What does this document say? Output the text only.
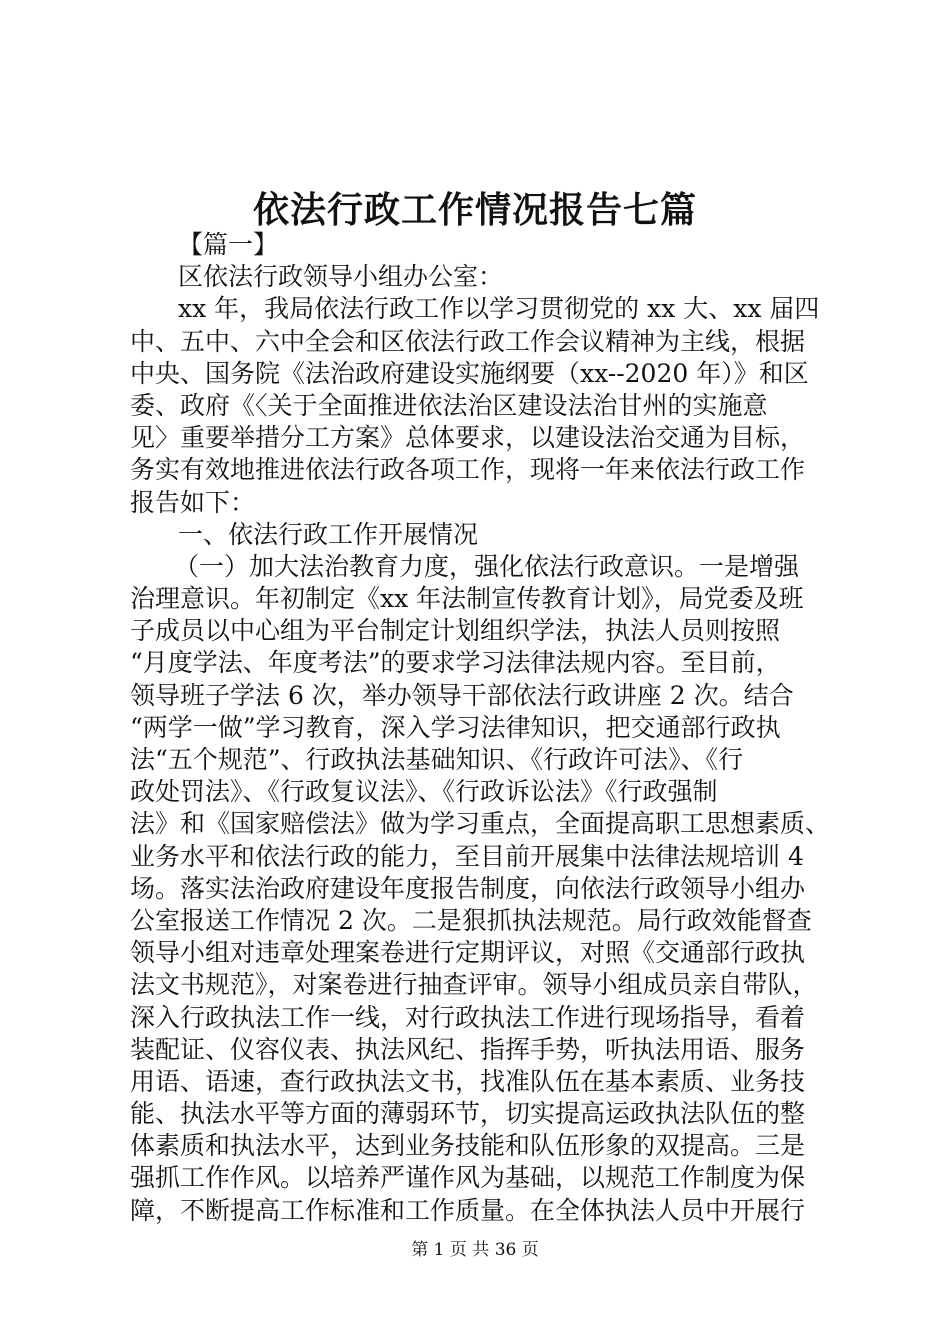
依法行政工作情况报告七篇
【篇一】
区依法行政领导小组办公室：
xx 年，我局依法行政工作以学习贯彻党的 xx 大、xx 届四
中、五中、六中全会和区依法行政工作会议精神为主线，根据
中央、国务院《法治政府建设实施纲要（xx--2020 年）》和区
委、政府《〈关于全面推进依法治区建设法治甘州的实施意
见〉重要举措分工方案》总体要求，以建设法治交通为目标，
务实有效地推进依法行政各项工作，现将一年来依法行政工作
报告如下：
一、依法行政工作开展情况
（一）加大法治教育力度，强化依法行政意识。一是增强
治理意识。年初制定《xx 年法制宣传教育计划》，局党委及班
子成员以中心组为平台制定计划组织学法，执法人员则按照
“月度学法、年度考法”的要求学习法律法规内容。至目前，
领导班子学法 6 次，举办领导干部依法行政讲座 2 次。结合
“两学一做”学习教育，深入学习法律知识，把交通部行政执
法“五个规范”、行政执法基础知识、《行政许可法》、《行
政处罚法》、《行政复议法》、《行政诉讼法》《行政强制
法》和《国家赔偿法》做为学习重点，全面提高职工思想素质、
业务水平和依法行政的能力，至目前开展集中法律法规培训 4
场。落实法治政府建设年度报告制度，向依法行政领导小组办
公室报送工作情况 2 次。二是狠抓执法规范。局行政效能督查
领导小组对违章处理案卷进行定期评议，对照《交通部行政执
法文书规范》，对案卷进行抽查评审。领导小组成员亲自带队，
深入行政执法工作一线，对行政执法工作进行现场指导，看着
装配证、仪容仪表、执法风纪、指挥手势，听执法用语、服务
用语、语速，查行政执法文书，找准队伍在基本素质、业务技
能、执法水平等方面的薄弱环节，切实提高运政执法队伍的整
体素质和执法水平，达到业务技能和队伍形象的双提高。三是
强抓工作作风。以培养严谨作风为基础，以规范工作制度为保
障，不断提高工作标准和工作质量。在全体执法人员中开展行
第 1 页 共 36 页
